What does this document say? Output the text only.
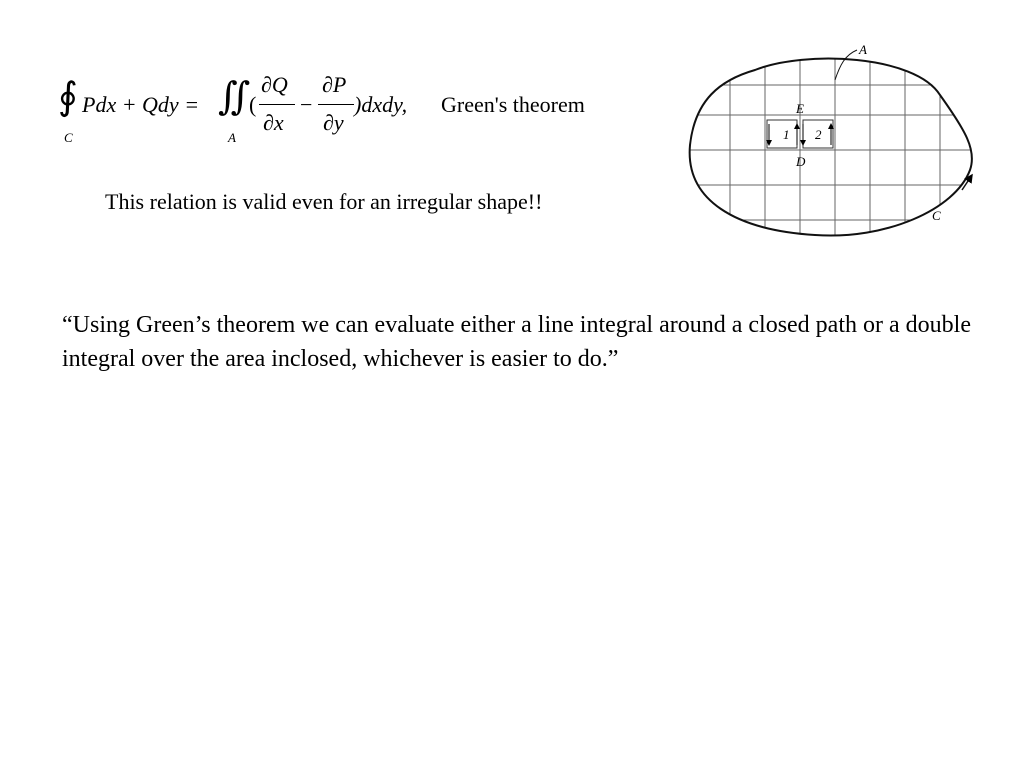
∮
C
Pdx + Qdy = ∬
A
(
∂Q
∂x
−
∂P
∂y
)dxdy, Green's theorem
This relation is valid even for an irregular shape!!
“Using Green’s theorem we can evaluate either a line integral around a closed path or a double integral over the area inclosed, whichever is easier to do.”
1 2
A
C
E
D
